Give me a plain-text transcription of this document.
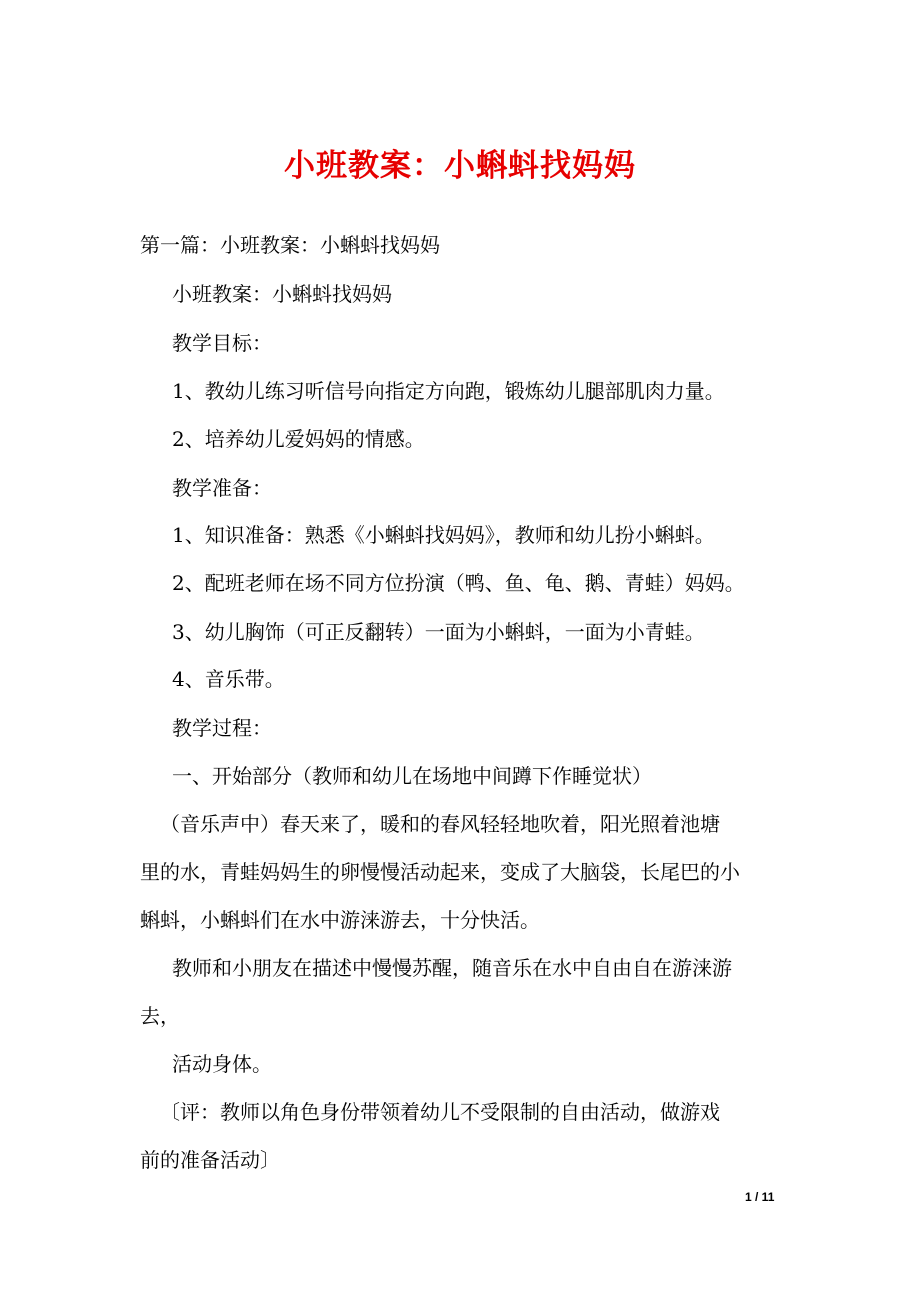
小班教案：小蝌蚪找妈妈

第一篇：小班教案：小蝌蚪找妈妈

小班教案：小蝌蚪找妈妈

教学目标：

1、教幼儿练习听信号向指定方向跑，锻炼幼儿腿部肌肉力量。

2、培养幼儿爱妈妈的情感。

教学准备：

1、知识准备：熟悉《小蝌蚪找妈妈》，教师和幼儿扮小蝌蚪。

2、配班老师在场不同方位扮演（鸭、鱼、龟、鹅、青蛙）妈妈。

3、幼儿胸饰（可正反翻转）一面为小蝌蚪，一面为小青蛙。

4、音乐带。

教学过程：

一、开始部分（教师和幼儿在场地中间蹲下作睡觉状）

（音乐声中）春天来了，暖和的春风轻轻地吹着，阳光照着池塘

里的水，青蛙妈妈生的卵慢慢活动起来，变成了大脑袋，长尾巴的小

蝌蚪，小蝌蚪们在水中游涞游去，十分快活。

教师和小朋友在描述中慢慢苏醒，随音乐在水中自由自在游涞游

去，

活动身体。

〔评：教师以角色身份带领着幼儿不受限制的自由活动，做游戏

前的准备活动〕

1 / 11
